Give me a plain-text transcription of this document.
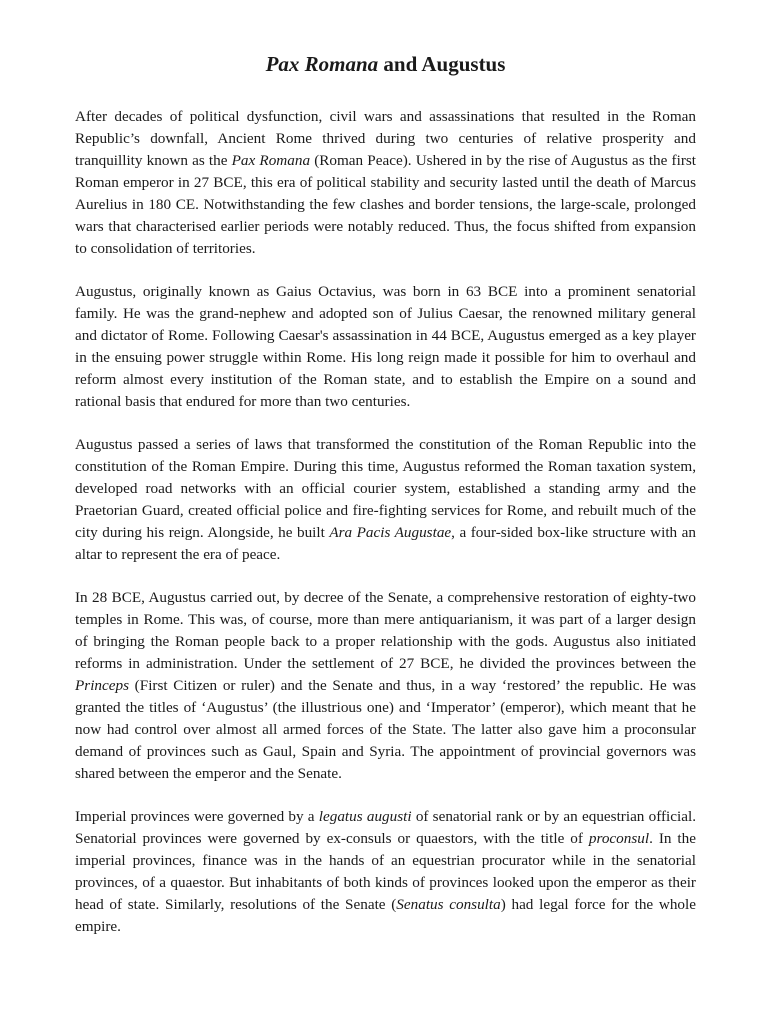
Pax Romana and Augustus

After decades of political dysfunction, civil wars and assassinations that resulted in the Roman Republic’s downfall, Ancient Rome thrived during two centuries of relative prosperity and tranquillity known as the Pax Romana (Roman Peace). Ushered in by the rise of Augustus as the first Roman emperor in 27 BCE, this era of political stability and security lasted until the death of Marcus Aurelius in 180 CE. Notwithstanding the few clashes and border tensions, the large-scale, prolonged wars that characterised earlier periods were notably reduced. Thus, the focus shifted from expansion to consolidation of territories.

Augustus, originally known as Gaius Octavius, was born in 63 BCE into a prominent senatorial family. He was the grand-nephew and adopted son of Julius Caesar, the renowned military general and dictator of Rome. Following Caesar's assassination in 44 BCE, Augustus emerged as a key player in the ensuing power struggle within Rome. His long reign made it possible for him to overhaul and reform almost every institution of the Roman state, and to establish the Empire on a sound and rational basis that endured for more than two centuries.

Augustus passed a series of laws that transformed the constitution of the Roman Republic into the constitution of the Roman Empire. During this time, Augustus reformed the Roman taxation system, developed road networks with an official courier system, established a standing army and the Praetorian Guard, created official police and fire-fighting services for Rome, and rebuilt much of the city during his reign. Alongside, he built Ara Pacis Augustae, a four-sided box-like structure with an altar to represent the era of peace.

In 28 BCE, Augustus carried out, by decree of the Senate, a comprehensive restoration of eighty-two temples in Rome. This was, of course, more than mere antiquarianism, it was part of a larger design of bringing the Roman people back to a proper relationship with the gods. Augustus also initiated reforms in administration. Under the settlement of 27 BCE, he divided the provinces between the Princeps (First Citizen or ruler) and the Senate and thus, in a way ‘restored’ the republic. He was granted the titles of ‘Augustus’ (the illustrious one) and ‘Imperator’ (emperor), which meant that he now had control over almost all armed forces of the State. The latter also gave him a proconsular demand of provinces such as Gaul, Spain and Syria. The appointment of provincial governors was shared between the emperor and the Senate.

Imperial provinces were governed by a legatus augusti of senatorial rank or by an equestrian official. Senatorial provinces were governed by ex-consuls or quaestors, with the title of proconsul. In the imperial provinces, finance was in the hands of an equestrian procurator while in the senatorial provinces, of a quaestor. But inhabitants of both kinds of provinces looked upon the emperor as their head of state. Similarly, resolutions of the Senate (Senatus consulta) had legal force for the whole empire.
